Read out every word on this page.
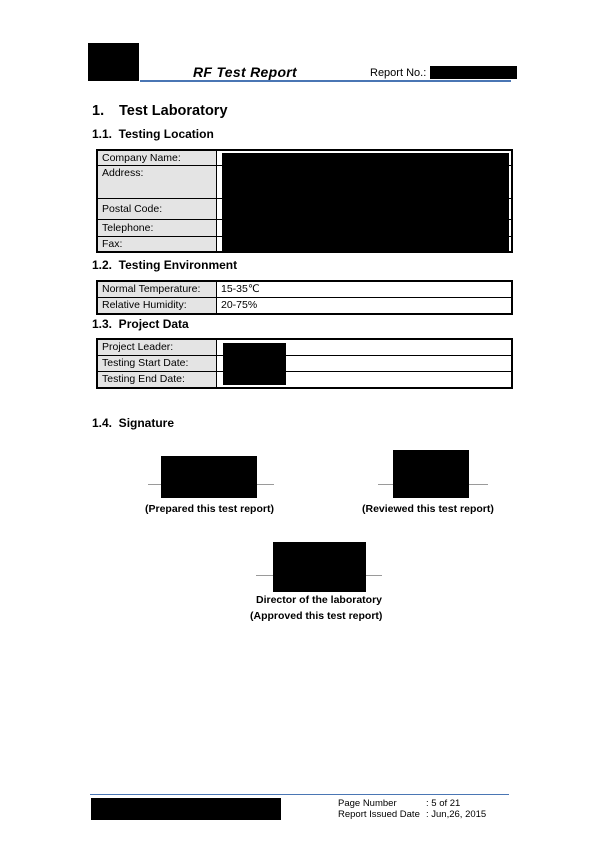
RF Test Report	Report No.:
1. Test Laboratory
1.1.  Testing Location
Company Name:	
Address:	
Postal Code:	
Telephone:	
Fax:	
1.2.  Testing Environment
Normal Temperature:	15-35℃
Relative Humidity:	20-75%
1.3.  Project Data
Project Leader:	
Testing Start Date:	
Testing End Date:	
1.4.  Signature
(Prepared this test report)	(Reviewed this test report)
Director of the laboratory
(Approved this test report)
Page Number	: 5 of 21
Report Issued Date : Jun,26, 2015
